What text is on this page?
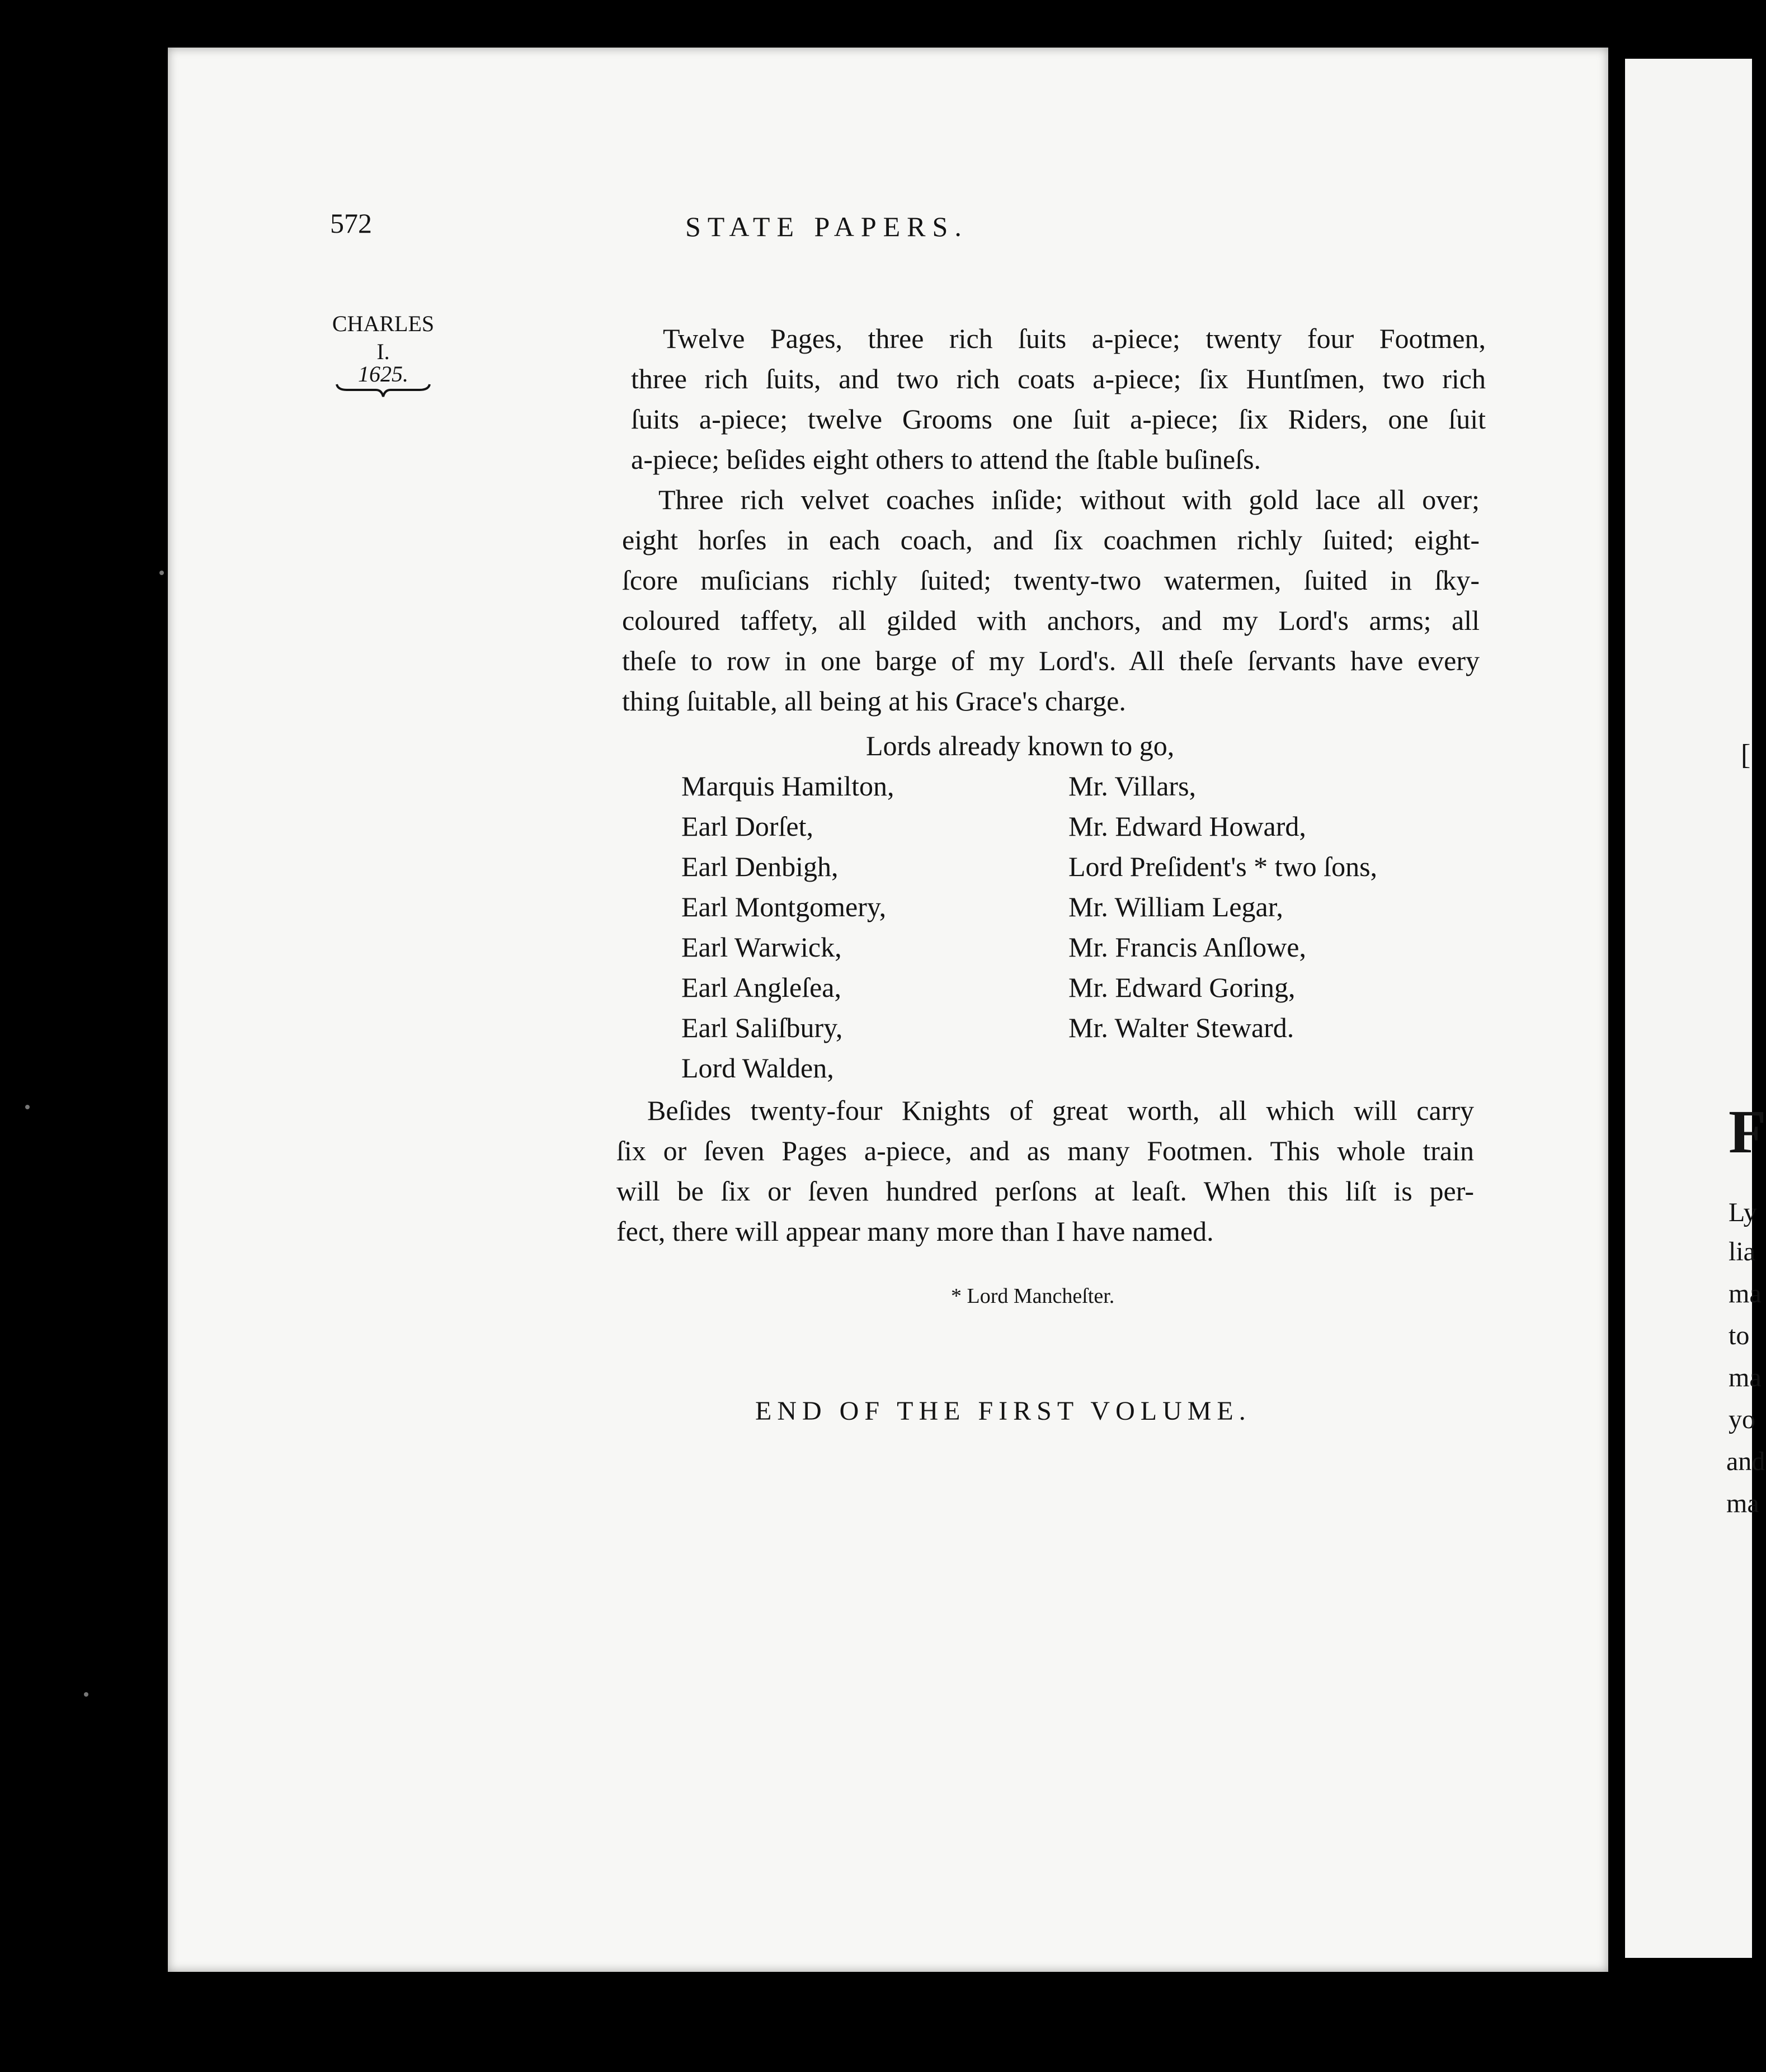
572	STATE PAPERS.
CHARLES
I.
1625.
Twelve Pages, three rich ſuits a-piece; twenty four Footmen,
three rich ſuits, and two rich coats a-piece; ſix Huntſmen, two rich
ſuits a-piece; twelve Grooms one ſuit a-piece; ſix Riders, one ſuit
a-piece; beſides eight others to attend the ſtable buſineſs.
Three rich velvet coaches inſide; without with gold lace all over;
eight horſes in each coach, and ſix coachmen richly ſuited; eight-
ſcore muſicians richly ſuited; twenty-two watermen, ſuited in ſky-
coloured taffety, all gilded with anchors, and my Lord's arms; all
theſe to row in one barge of my Lord's. All theſe ſervants have every
thing ſuitable, all being at his Grace's charge.
Lords already known to go,
Marquis Hamilton,
Earl Dorſet,
Earl Denbigh,
Earl Montgomery,
Earl Warwick,
Earl Angleſea,
Earl Saliſbury,
Lord Walden,
Mr. Villars,
Mr. Edward Howard,
Lord Preſident's * two ſons,
Mr. William Legar,
Mr. Francis Anſlowe,
Mr. Edward Goring,
Mr. Walter Steward.
Beſides twenty-four Knights of great worth, all which will carry
ſix or ſeven Pages a-piece, and as many Footmen. This whole train
will be ſix or ſeven hundred perſons at leaſt. When this liſt is per-
fect, there will appear many more than I have named.
* Lord Mancheſter.
END OF THE FIRST VOLUME.
[
F
Ly
lia
ma
to
ma
yo
and
ma
